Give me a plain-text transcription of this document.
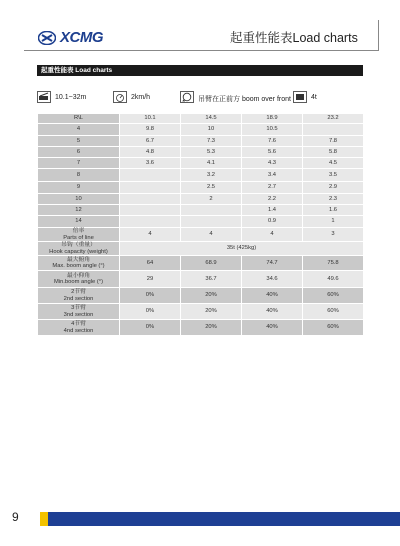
XCMG	起重性能表Load charts
起重性能表 Load charts
10.1~32m	2km/h	吊臂在正前方 boom over front	4t
R\L	10.1	14.5	18.9	23.2
4	9.8	10	10.5	
5	6.7	7.3	7.6	7.8
6	4.8	5.3	5.6	5.8
7	3.6	4.1	4.3	4.5
8		3.2	3.4	3.5
9		2.5	2.7	2.9
10		2	2.2	2.3
12			1.4	1.6
14			0.9	1

倍率
Parts of line	4	4	4	3

吊钩（重量）
Hook capacity (weight)	35t (425kg)			

最大俯角
Max. boom angle (°)	64	68.9	74.7	75.8

最小仰角
Min.boom angle (°)	29	36.7	34.6	49.6

2节臂
2nd section	0%	20%	40%	60%

3节臂
3nd section	0%	20%	40%	60%

4节臂
4nd section	0%	20%	40%	60%
9
